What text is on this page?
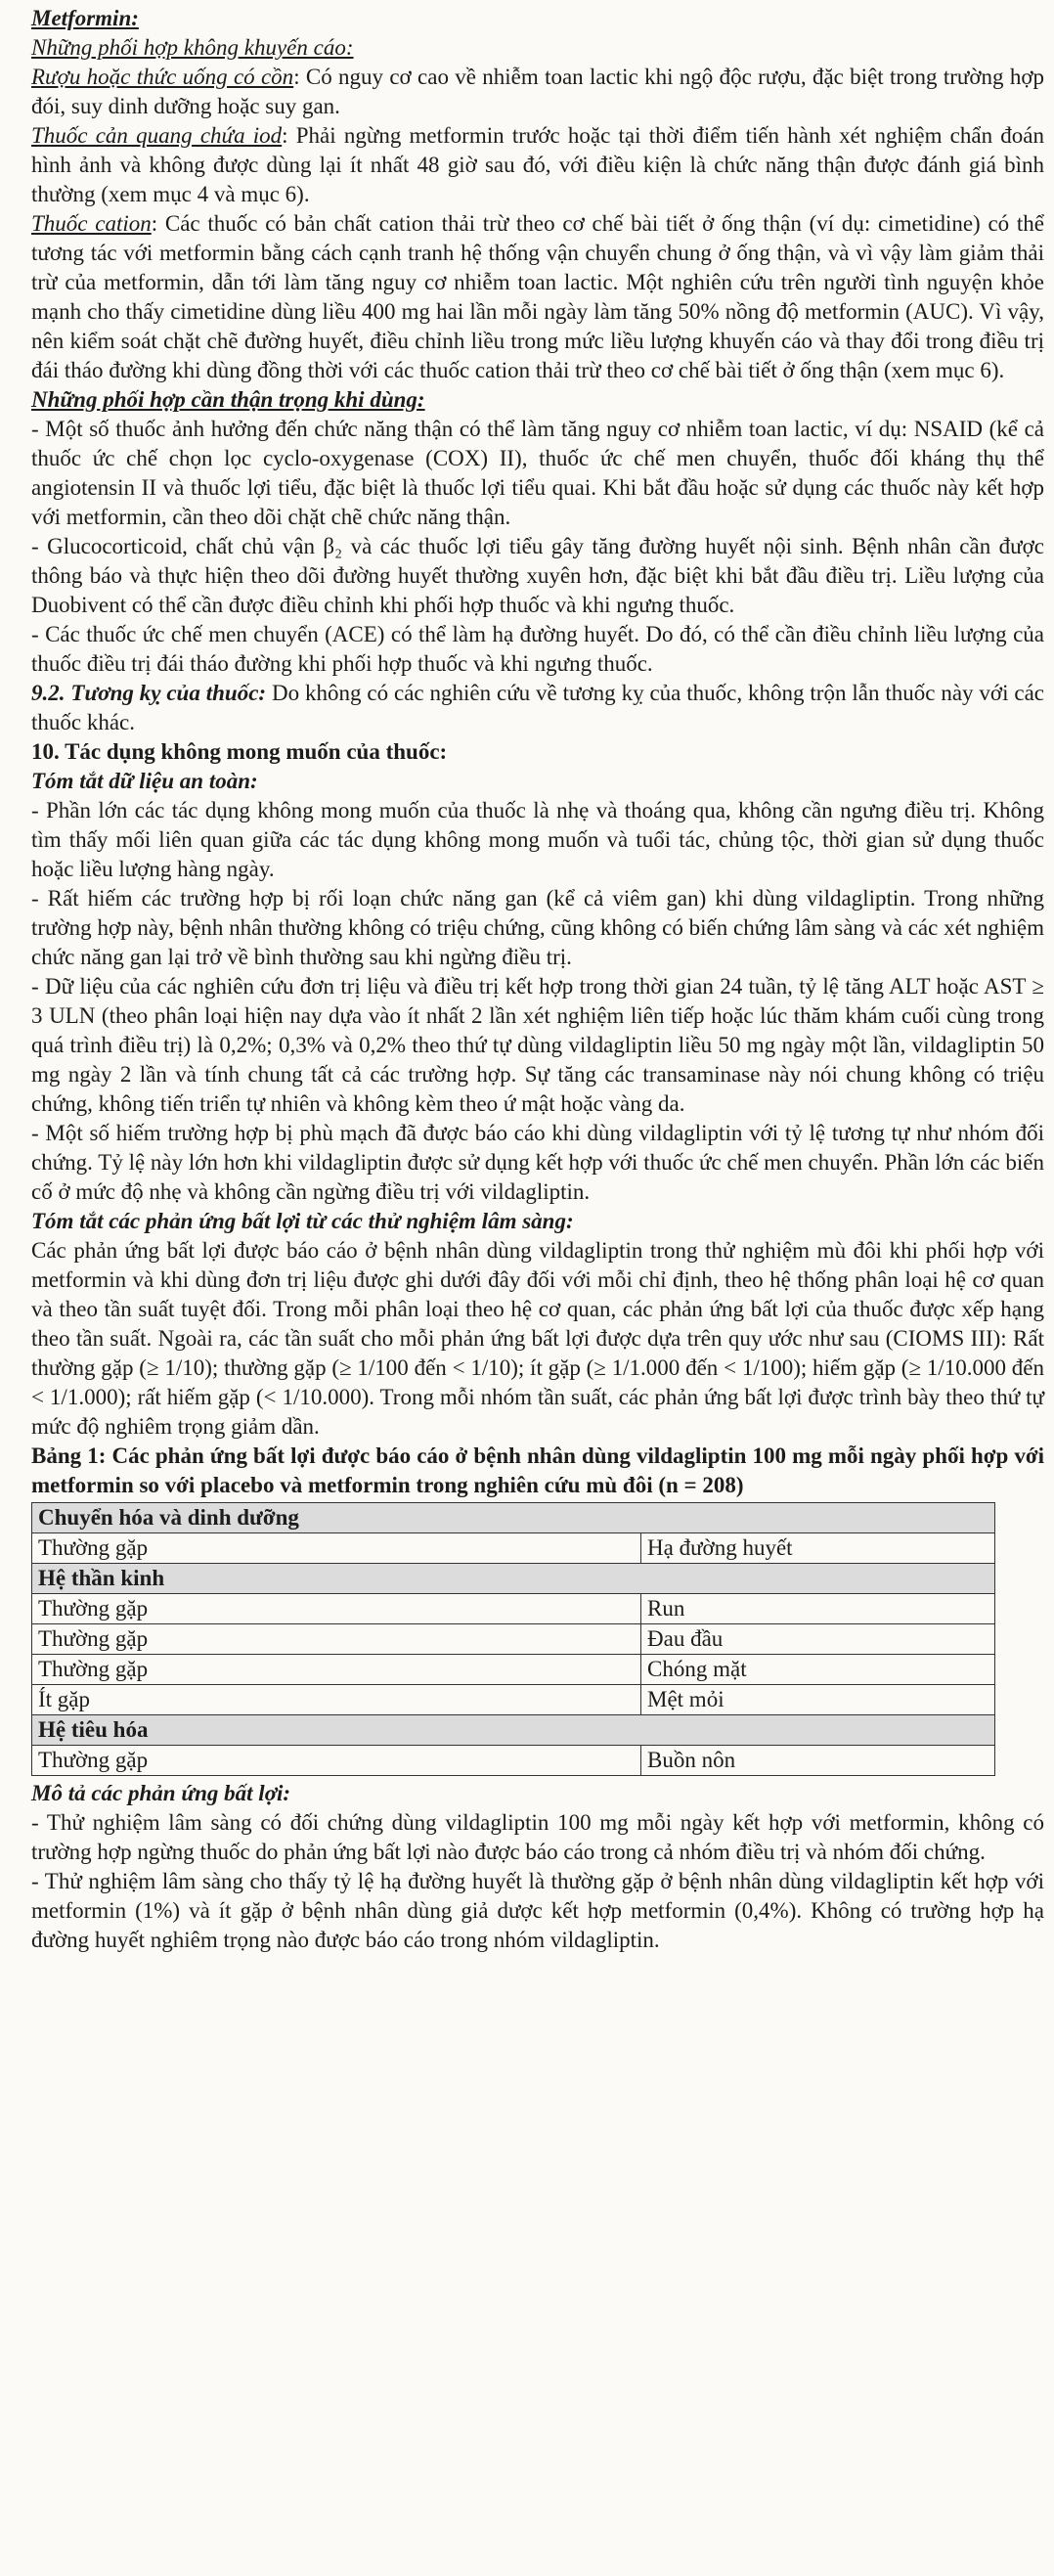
Metformin:

Những phối hợp không khuyến cáo:

Rượu hoặc thức uống có cồn: Có nguy cơ cao về nhiễm toan lactic khi ngộ độc rượu, đặc biệt trong trường hợp đói, suy dinh dưỡng hoặc suy gan.

Thuốc cản quang chứa iod: Phải ngừng metformin trước hoặc tại thời điểm tiến hành xét nghiệm chẩn đoán hình ảnh và không được dùng lại ít nhất 48 giờ sau đó, với điều kiện là chức năng thận được đánh giá bình thường (xem mục 4 và mục 6).

Thuốc cation: Các thuốc có bản chất cation thải trừ theo cơ chế bài tiết ở ống thận (ví dụ: cimetidine) có thể tương tác với metformin bằng cách cạnh tranh hệ thống vận chuyển chung ở ống thận, và vì vậy làm giảm thải trừ của metformin, dẫn tới làm tăng nguy cơ nhiễm toan lactic. Một nghiên cứu trên người tình nguyện khỏe mạnh cho thấy cimetidine dùng liều 400 mg hai lần mỗi ngày làm tăng 50% nồng độ metformin (AUC). Vì vậy, nên kiểm soát chặt chẽ đường huyết, điều chỉnh liều trong mức liều lượng khuyến cáo và thay đổi trong điều trị đái tháo đường khi dùng đồng thời với các thuốc cation thải trừ theo cơ chế bài tiết ở ống thận (xem mục 6).

Những phối hợp cần thận trọng khi dùng:

- Một số thuốc ảnh hưởng đến chức năng thận có thể làm tăng nguy cơ nhiễm toan lactic, ví dụ: NSAID (kể cả thuốc ức chế chọn lọc cyclo-oxygenase (COX) II), thuốc ức chế men chuyển, thuốc đối kháng thụ thể angiotensin II và thuốc lợi tiểu, đặc biệt là thuốc lợi tiểu quai. Khi bắt đầu hoặc sử dụng các thuốc này kết hợp với metformin, cần theo dõi chặt chẽ chức năng thận.

- Glucocorticoid, chất chủ vận β₂ và các thuốc lợi tiểu gây tăng đường huyết nội sinh. Bệnh nhân cần được thông báo và thực hiện theo dõi đường huyết thường xuyên hơn, đặc biệt khi bắt đầu điều trị. Liều lượng của Duobivent có thể cần được điều chỉnh khi phối hợp thuốc và khi ngưng thuốc.

- Các thuốc ức chế men chuyển (ACE) có thể làm hạ đường huyết. Do đó, có thể cần điều chỉnh liều lượng của thuốc điều trị đái tháo đường khi phối hợp thuốc và khi ngưng thuốc.

9.2. Tương kỵ của thuốc: Do không có các nghiên cứu về tương kỵ của thuốc, không trộn lẫn thuốc này với các thuốc khác.

10. Tác dụng không mong muốn của thuốc:

Tóm tắt dữ liệu an toàn:

- Phần lớn các tác dụng không mong muốn của thuốc là nhẹ và thoáng qua, không cần ngưng điều trị. Không tìm thấy mối liên quan giữa các tác dụng không mong muốn và tuổi tác, chủng tộc, thời gian sử dụng thuốc hoặc liều lượng hàng ngày.

- Rất hiếm các trường hợp bị rối loạn chức năng gan (kể cả viêm gan) khi dùng vildagliptin. Trong những trường hợp này, bệnh nhân thường không có triệu chứng, cũng không có biến chứng lâm sàng và các xét nghiệm chức năng gan lại trở về bình thường sau khi ngừng điều trị.

- Dữ liệu của các nghiên cứu đơn trị liệu và điều trị kết hợp trong thời gian 24 tuần, tỷ lệ tăng ALT hoặc AST ≥ 3 ULN (theo phân loại hiện nay dựa vào ít nhất 2 lần xét nghiệm liên tiếp hoặc lúc thăm khám cuối cùng trong quá trình điều trị) là 0,2%; 0,3% và 0,2% theo thứ tự dùng vildagliptin liều 50 mg ngày một lần, vildagliptin 50 mg ngày 2 lần và tính chung tất cả các trường hợp. Sự tăng các transaminase này nói chung không có triệu chứng, không tiến triển tự nhiên và không kèm theo ứ mật hoặc vàng da.

- Một số hiếm trường hợp bị phù mạch đã được báo cáo khi dùng vildagliptin với tỷ lệ tương tự như nhóm đối chứng. Tỷ lệ này lớn hơn khi vildagliptin được sử dụng kết hợp với thuốc ức chế men chuyển. Phần lớn các biến cố ở mức độ nhẹ và không cần ngừng điều trị với vildagliptin.

Tóm tắt các phản ứng bất lợi từ các thử nghiệm lâm sàng:

Các phản ứng bất lợi được báo cáo ở bệnh nhân dùng vildagliptin trong thử nghiệm mù đôi khi phối hợp với metformin và khi dùng đơn trị liệu được ghi dưới đây đối với mỗi chỉ định, theo hệ thống phân loại hệ cơ quan và theo tần suất tuyệt đối. Trong mỗi phân loại theo hệ cơ quan, các phản ứng bất lợi của thuốc được xếp hạng theo tần suất. Ngoài ra, các tần suất cho mỗi phản ứng bất lợi được dựa trên quy ước như sau (CIOMS III): Rất thường gặp (≥ 1/10); thường gặp (≥ 1/100 đến < 1/10); ít gặp (≥ 1/1.000 đến < 1/100); hiếm gặp (≥ 1/10.000 đến < 1/1.000); rất hiếm gặp (< 1/10.000). Trong mỗi nhóm tần suất, các phản ứng bất lợi được trình bày theo thứ tự mức độ nghiêm trọng giảm dần.

Bảng 1: Các phản ứng bất lợi được báo cáo ở bệnh nhân dùng vildagliptin 100 mg mỗi ngày phối hợp với metformin so với placebo và metformin trong nghiên cứu mù đôi (n = 208)

Chuyển hóa và dinh dưỡng	
Thường gặp	Hạ đường huyết
Hệ thần kinh	
Thường gặp	Run
Thường gặp	Đau đầu
Thường gặp	Chóng mặt
Ít gặp	Mệt mỏi
Hệ tiêu hóa	
Thường gặp	Buồn nôn

Mô tả các phản ứng bất lợi:

- Thử nghiệm lâm sàng có đối chứng dùng vildagliptin 100 mg mỗi ngày kết hợp với metformin, không có trường hợp ngừng thuốc do phản ứng bất lợi nào được báo cáo trong cả nhóm điều trị và nhóm đối chứng.

- Thử nghiệm lâm sàng cho thấy tỷ lệ hạ đường huyết là thường gặp ở bệnh nhân dùng vildagliptin kết hợp với metformin (1%) và ít gặp ở bệnh nhân dùng giả dược kết hợp metformin (0,4%). Không có trường hợp hạ đường huyết nghiêm trọng nào được báo cáo trong nhóm vildagliptin.
